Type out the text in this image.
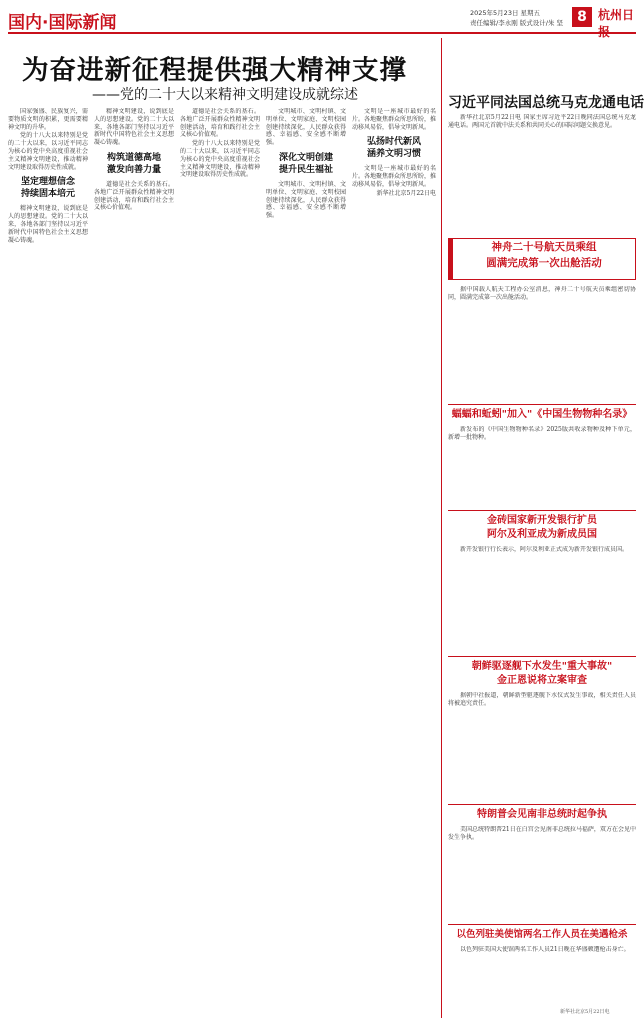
国内·国际新闻	2025年5月23日 星期五
责任编辑/李永刚 版式设计/朱 坚	8 杭州日报
为奋进新征程提供强大精神支撑
——党的二十大以来精神文明建设成就综述

国家强盛、民族复兴，需要物质文明的积累，更需要精神文明的升华。

党的十八大以来特别是党的二十大以来，以习近平同志为核心的党中央高度重视社会主义精神文明建设，推动精神文明建设取得历史性成就。

坚定理想信念
持续固本培元

精神文明建设，说到底是人的思想建设。党的二十大以来，各地各部门坚持以习近平新时代中国特色社会主义思想凝心铸魂。

精神文明建设，说到底是人的思想建设。党的二十大以来，各地各部门坚持以习近平新时代中国特色社会主义思想凝心铸魂。

构筑道德高地
激发向善力量

道德是社会关系的基石。各地广泛开展群众性精神文明创建活动，培育和践行社会主义核心价值观。

道德是社会关系的基石。各地广泛开展群众性精神文明创建活动，培育和践行社会主义核心价值观。

党的十八大以来特别是党的二十大以来，以习近平同志为核心的党中央高度重视社会主义精神文明建设，推动精神文明建设取得历史性成就。

文明城市、文明村镇、文明单位、文明家庭、文明校园创建持续深化，人民群众获得感、幸福感、安全感不断增强。

深化文明创建
提升民生福祉

文明城市、文明村镇、文明单位、文明家庭、文明校园创建持续深化，人民群众获得感、幸福感、安全感不断增强。

文明是一座城市最好的名片。各地聚焦群众所思所盼，推动移风易俗，倡导文明新风。

弘扬时代新风
涵养文明习惯

文明是一座城市最好的名片。各地聚焦群众所思所盼，推动移风易俗，倡导文明新风。

新华社北京5月22日电

习近平同法国总统马克龙通电话

新华社北京5月22日电 国家主席习近平22日晚同法国总统马克龙通电话。两国元首就中法关系和共同关心的国际问题交换意见。

神舟二十号航天员乘组
圆满完成第一次出舱活动

据中国载人航天工程办公室消息，神舟二十号航天员乘组密切协同，圆满完成第一次出舱活动。

蝠蝠和蚯蚓"加入"《中国生物物种名录》

新发布的《中国生物物种名录》2025版共收录物种及种下单元，新增一批物种。

金砖国家新开发银行扩员
阿尔及利亚成为新成员国

新开发银行行长表示，阿尔及利亚正式成为新开发银行成员国。

朝鲜驱逐舰下水发生"重大事故"
金正恩说将立案审查

据朝中社报道，朝鲜新型驱逐舰下水仪式发生事故，相关责任人员将被追究责任。

特朗普会见南非总统时起争执

美国总统特朗普21日在白宫会见南非总统拉马福萨，双方在会见中发生争执。

以色列驻美使馆两名工作人员在美遇枪杀

以色列驻美国大使馆两名工作人员21日晚在华盛顿遭枪击身亡。

新华社北京5月22日电
